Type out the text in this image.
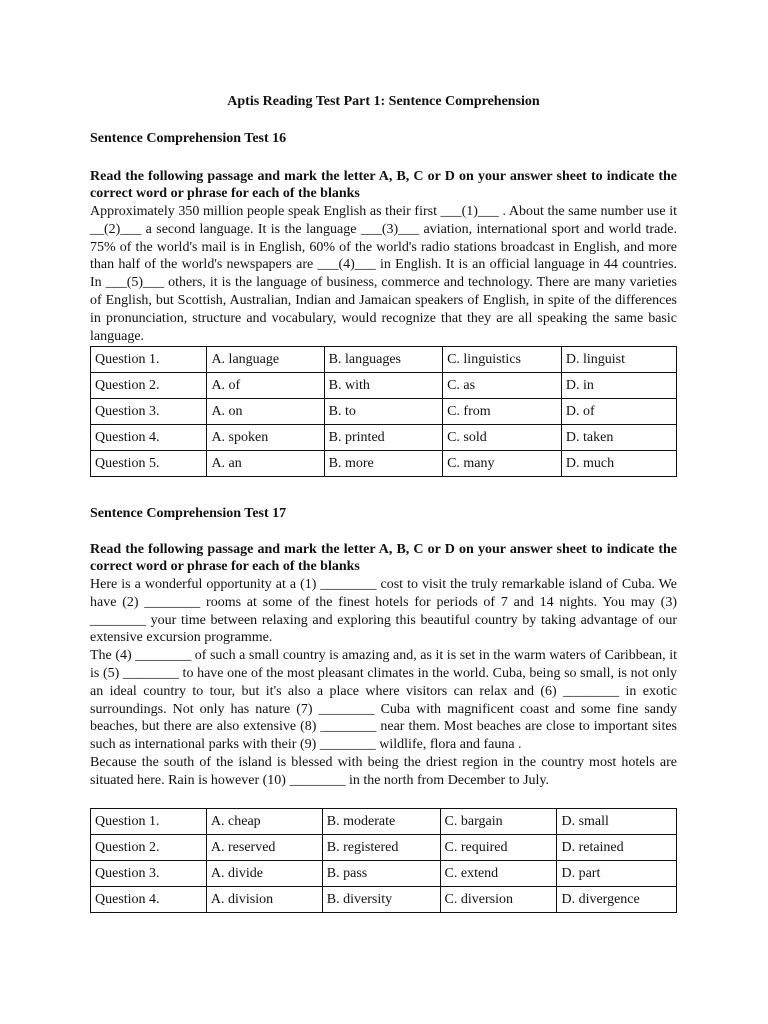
Aptis Reading Test Part 1: Sentence Comprehension
Sentence Comprehension Test 16
Read the following passage and mark the letter A, B, C or D on your answer sheet to indicate the correct word or phrase for each of the blanks

Approximately 350 million people speak English as their first ___(1)___ . About the same number use it __(2)___ a second language. It is the language ___(3)___ aviation, international sport and world trade. 75% of the world's mail is in English, 60% of the world's radio stations broadcast in English, and more than half of the world's newspapers are ___(4)___ in English. It is an official language in 44 countries. In ___(5)___ others, it is the language of business, commerce and technology. There are many varieties of English, but Scottish, Australian, Indian and Jamaican speakers of English, in spite of the differences in pronunciation, structure and vocabulary, would recognize that they are all speaking the same basic language.

Question 1.	A. language	B. languages	C. linguistics	D. linguist
Question 2.	A. of	B. with	C. as	D. in
Question 3.	A. on	B. to	C. from	D. of
Question 4.	A. spoken	B. printed	C. sold	D. taken
Question 5.	A. an	B. more	C. many	D. much
Sentence Comprehension Test 17
Read the following passage and mark the letter A, B, C or D on your answer sheet to indicate the correct word or phrase for each of the blanks

Here is a wonderful opportunity at a (1) ________ cost to visit the truly remarkable island of Cuba. We have (2) ________ rooms at some of the finest hotels for periods of 7 and 14 nights. You may (3) ________ your time between relaxing and exploring this beautiful country by taking advantage of our extensive excursion programme.

The (4) ________ of such a small country is amazing and, as it is set in the warm waters of Caribbean, it is (5) ________ to have one of the most pleasant climates in the world. Cuba, being so small, is not only an ideal country to tour, but it's also a place where visitors can relax and (6) ________ in exotic surroundings. Not only has nature (7) ________ Cuba with magnificent coast and some fine sandy beaches, but there are also extensive (8) ________ near them. Most beaches are close to important sites such as international parks with their (9) ________ wildlife, flora and fauna .

Because the south of the island is blessed with being the driest region in the country most hotels are situated here. Rain is however (10) ________ in the north from December to July.

Question 1.	A. cheap	B. moderate	C. bargain	D. small
Question 2.	A. reserved	B. registered	C. required	D. retained
Question 3.	A. divide	B. pass	C. extend	D. part
Question 4.	A. division	B. diversity	C. diversion	D. divergence
